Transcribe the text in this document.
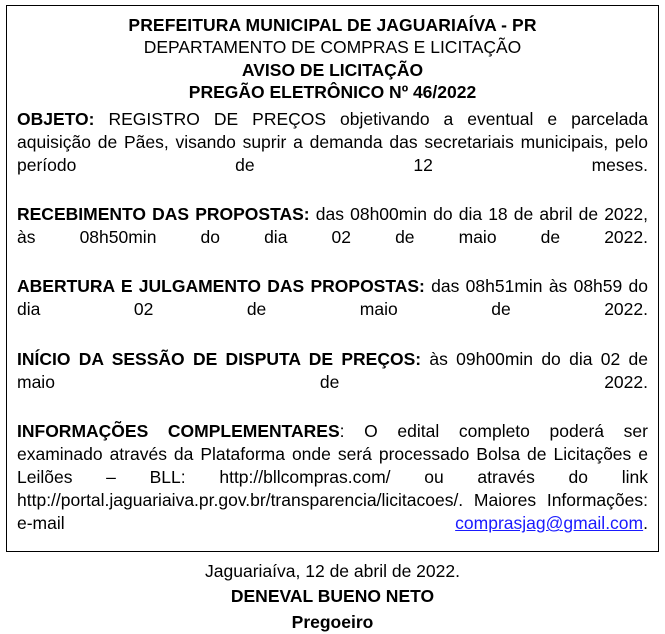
PREFEITURA MUNICIPAL DE JAGUARIAÍVA - PR
DEPARTAMENTO DE COMPRAS E LICITAÇÃO
AVISO DE LICITAÇÃO
PREGÃO ELETRÔNICO Nº 46/2022
OBJETO: REGISTRO DE PREÇOS objetivando a eventual e parcelada aquisição de Pães, visando suprir a demanda das secretariais municipais, pelo período de 12 meses.
RECEBIMENTO DAS PROPOSTAS: das 08h00min do dia 18 de abril de 2022, às 08h50min do dia 02 de maio de 2022.
ABERTURA E JULGAMENTO DAS PROPOSTAS: das 08h51min às 08h59 do dia 02 de maio de 2022.
INÍCIO DA SESSÃO DE DISPUTA DE PREÇOS: às 09h00min do dia 02 de maio de 2022.
INFORMAÇÕES COMPLEMENTARES: O edital completo poderá ser examinado através da Plataforma onde será processado Bolsa de Licitações e Leilões – BLL: http://bllcompras.com/ ou através do link http://portal.jaguariaiva.pr.gov.br/transparencia/licitacoes/. Maiores Informações: e-mail comprasjag@gmail.com.
Jaguariaíva, 12 de abril de 2022.
DENEVAL BUENO NETO
Pregoeiro
